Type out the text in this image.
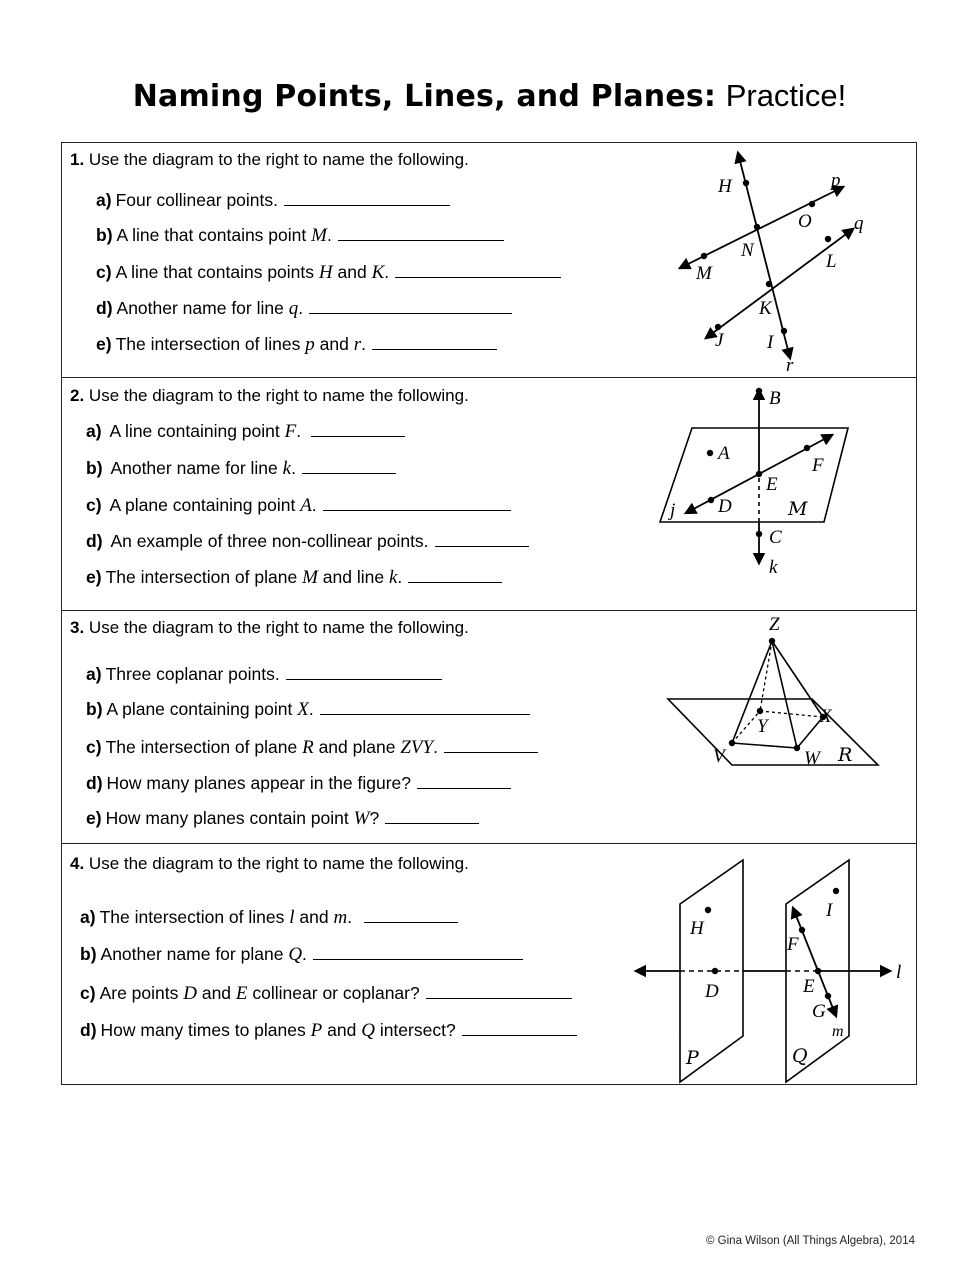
Naming Points, Lines, and Planes: Practice!
1. Use the diagram to the right to name the following.
a) Four collinear points.
b) A line that contains point M.
c) A line that contains points H and K.
d) Another name for line q.
e) The intersection of lines p and r.
H	p
O q
N
M
L
K
J I
r
2. Use the diagram to the right to name the following.
a) A line containing point F.
b) Another name for line k.
c) A plane containing point A.
d) An example of three non-collinear points.
e) The intersection of plane M and line k.
B
A
F
E
j D	M
C
k
3. Use the diagram to the right to name the following.
a) Three coplanar points.
b) A plane containing point X.
c) The intersection of plane R and plane ZVY.
d) How many planes appear in the figure?
e) How many planes contain point W?
Z
Y	X
V	W R
4. Use the diagram to the right to name the following.
a) The intersection of lines l and m.
b) Another name for plane Q.
c) Are points D and E collinear or coplanar?
d) How many times to planes P and Q intersect?
H
I
F
l
D	E
G
m
P	Q
© Gina Wilson (All Things Algebra), 2014
